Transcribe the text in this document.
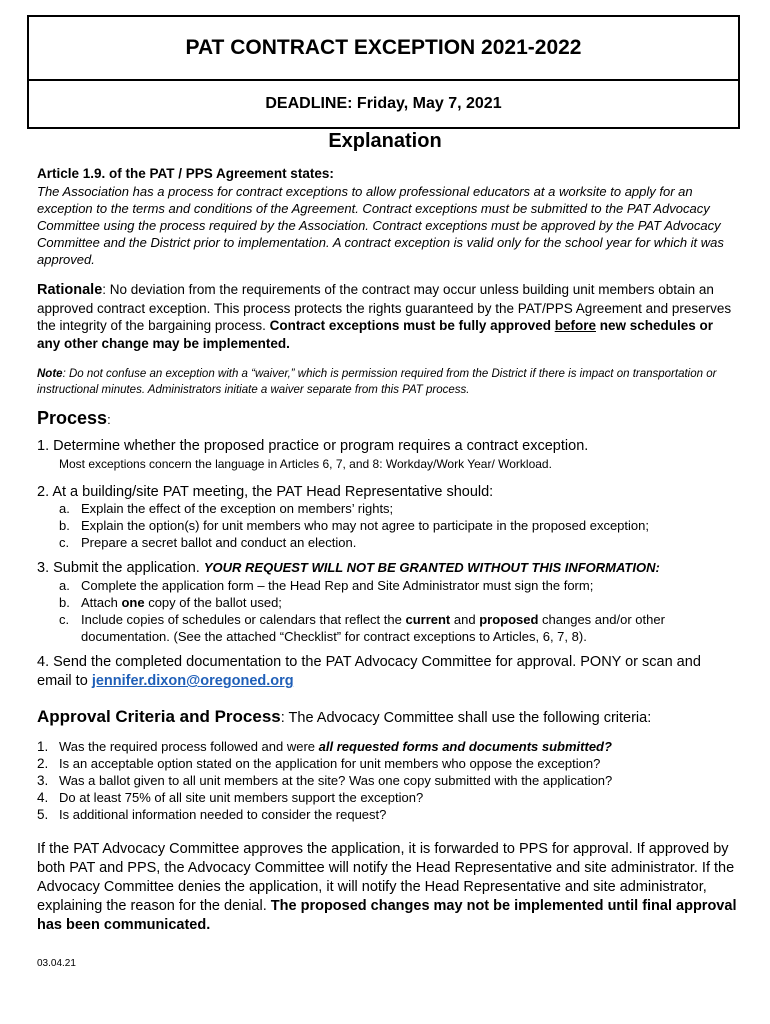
PAT CONTRACT EXCEPTION 2021-2022
DEADLINE: Friday, May 7, 2021
Explanation
Article 1.9. of the PAT / PPS Agreement states:
The Association has a process for contract exceptions to allow professional educators at a worksite to apply for an exception to the terms and conditions of the Agreement. Contract exceptions must be submitted to the PAT Advocacy Committee using the process required by the Association. Contract exceptions must be approved by the PAT Advocacy Committee and the District prior to implementation. A contract exception is valid only for the school year for which it was approved.
Rationale: No deviation from the requirements of the contract may occur unless building unit members obtain an approved contract exception. This process protects the rights guaranteed by the PAT/PPS Agreement and preserves the integrity of the bargaining process. Contract exceptions must be fully approved before new schedules or any other change may be implemented.
Note: Do not confuse an exception with a “waiver,” which is permission required from the District if there is impact on transportation or instructional minutes. Administrators initiate a waiver separate from this PAT process.
Process:
1. Determine whether the proposed practice or program requires a contract exception.
Most exceptions concern the language in Articles 6, 7, and 8: Workday/Work Year/ Workload.
2. At a building/site PAT meeting, the PAT Head Representative should:
a. Explain the effect of the exception on members’ rights;
b. Explain the option(s) for unit members who may not agree to participate in the proposed exception;
c. Prepare a secret ballot and conduct an election.
3. Submit the application. YOUR REQUEST WILL NOT BE GRANTED WITHOUT THIS INFORMATION:
a. Complete the application form – the Head Rep and Site Administrator must sign the form;
b. Attach one copy of the ballot used;
c. Include copies of schedules or calendars that reflect the current and proposed changes and/or other
documentation. (See the attached “Checklist” for contract exceptions to Articles, 6, 7, 8).
4. Send the completed documentation to the PAT Advocacy Committee for approval. PONY or scan and email to jennifer.dixon@oregoned.org
Approval Criteria and Process: The Advocacy Committee shall use the following criteria:
1. Was the required process followed and were all requested forms and documents submitted?
2. Is an acceptable option stated on the application for unit members who oppose the exception?
3. Was a ballot given to all unit members at the site? Was one copy submitted with the application?
4. Do at least 75% of all site unit members support the exception?
5. Is additional information needed to consider the request?
If the PAT Advocacy Committee approves the application, it is forwarded to PPS for approval. If approved by both PAT and PPS, the Advocacy Committee will notify the Head Representative and site administrator. If the Advocacy Committee denies the application, it will notify the Head Representative and site administrator, explaining the reason for the denial. The proposed changes may not be implemented until final approval has been communicated.
03.04.21
